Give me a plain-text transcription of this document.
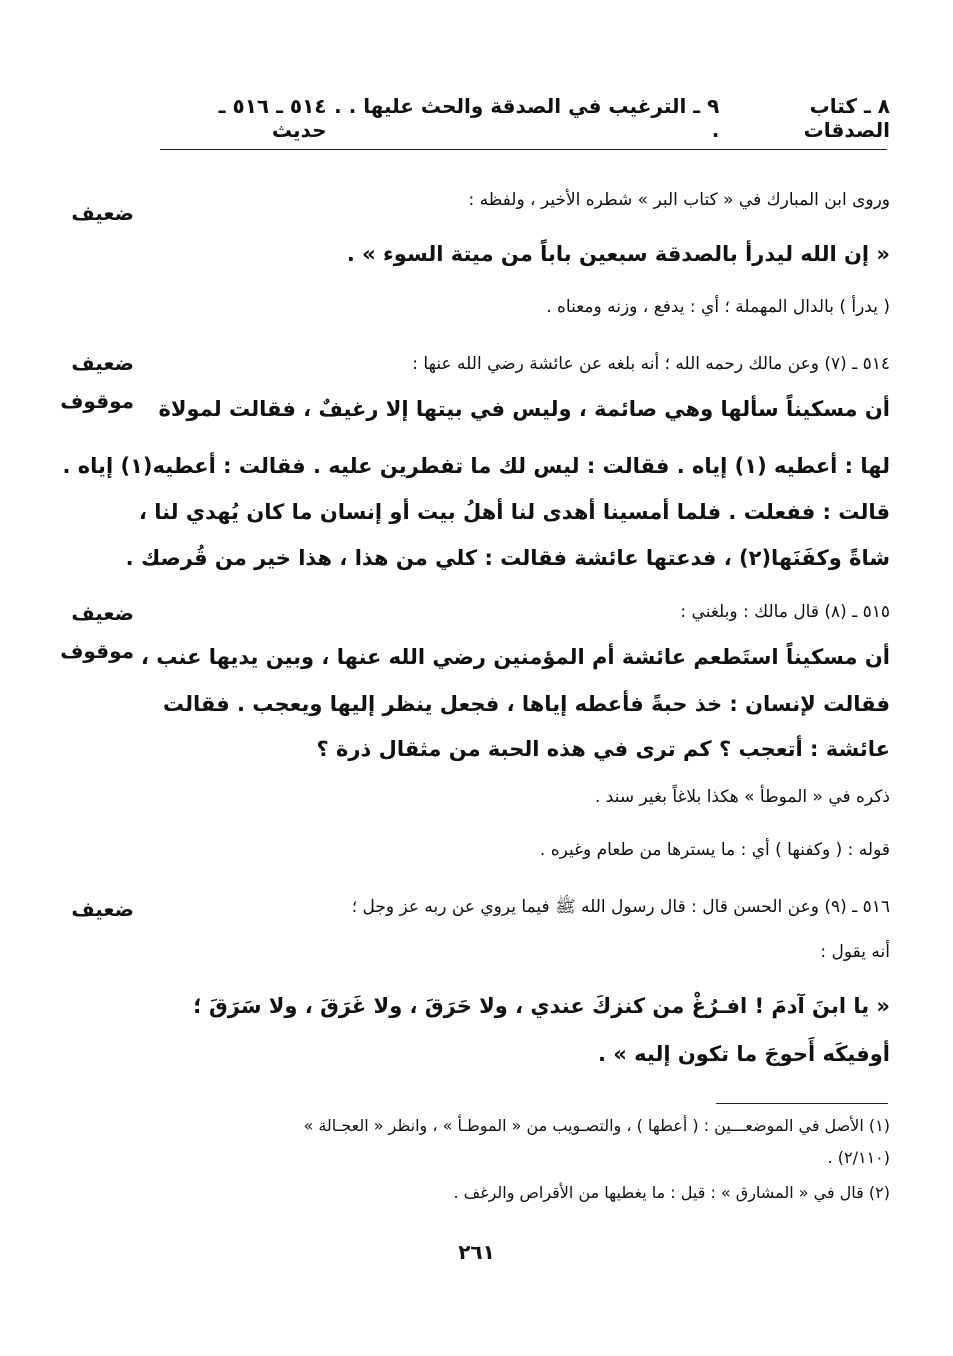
٨ ـ كتاب الصدقات
٩ ـ الترغيب في الصدقة والحث عليها . . .
٥١٤ ـ ٥١٦ ـ حديث
وروى ابن المبارك في « كتاب البر » شطره الأخير ، ولفظه :
« إن الله ليدرأ بالصدقة سبعين باباً من ميتة السوء » .
( يدرأ ) بالدال المهملة ؛ أي : يدفع ، وزنه ومعناه .
٥١٤ ـ (٧) وعن مالك رحمه الله ؛ أنه بلغه عن عائشة رضي الله عنها :
أن مسكيناً سألها وهي صائمة ، وليس في بيتها إلا رغيفٌ ، فقالت لمولاة
لها : أعطيه (١) إياه . فقالت : ليس لك ما تفطرين عليه . فقالت : أعطيه(١) إياه .
قالت : ففعلت . فلما أمسينا أهدى لنا أهلُ بيت أو إنسان ما كان يُهدي لنا ،
شاةً وكفَنَها(٢) ، فدعتها عائشة فقالت : كلي من هذا ، هذا خير من قُرصك .
٥١٥ ـ (٨) قال مالك : وبلغني :
أن مسكيناً استَطعم عائشة أم المؤمنين رضي الله عنها ، وبين يديها عنب ،
فقالت لإنسان : خذ حبةً فأعطه إياها ، فجعل ينظر إليها ويعجب . فقالت
عائشة : أتعجب ؟ كم ترى في هذه الحبة من مثقال ذرة ؟
ذكره في « الموطأ » هكذا بلاغاً بغير سند .
قوله : ( وكفنها ) أي : ما يسترها من طعام وغيره .
٥١٦ ـ (٩) وعن الحسن قال : قال رسول الله ﷺ فيما يروي عن ربه عز وجل ؛
أنه يقول :
« يا ابنَ آدمَ ! افـرُغْ من كنزكَ عندي ، ولا حَرَقَ ، ولا غَرَقَ ، ولا سَرَقَ ؛
أوفيكَه أَحوجَ ما تكون إليه » .
ضعيف
ضعيف
موقوف
ضعيف
موقوف
ضعيف
(١) الأصل في الموضعـــين : ( أعطها ) ، والتصـويب من « الموطـأ » ، وانظر « العجـالة »
(٢/١١٠) .
(٢) قال في « المشارق » : قيل : ما يغطيها من الأقراص والرغف .
٢٦١
